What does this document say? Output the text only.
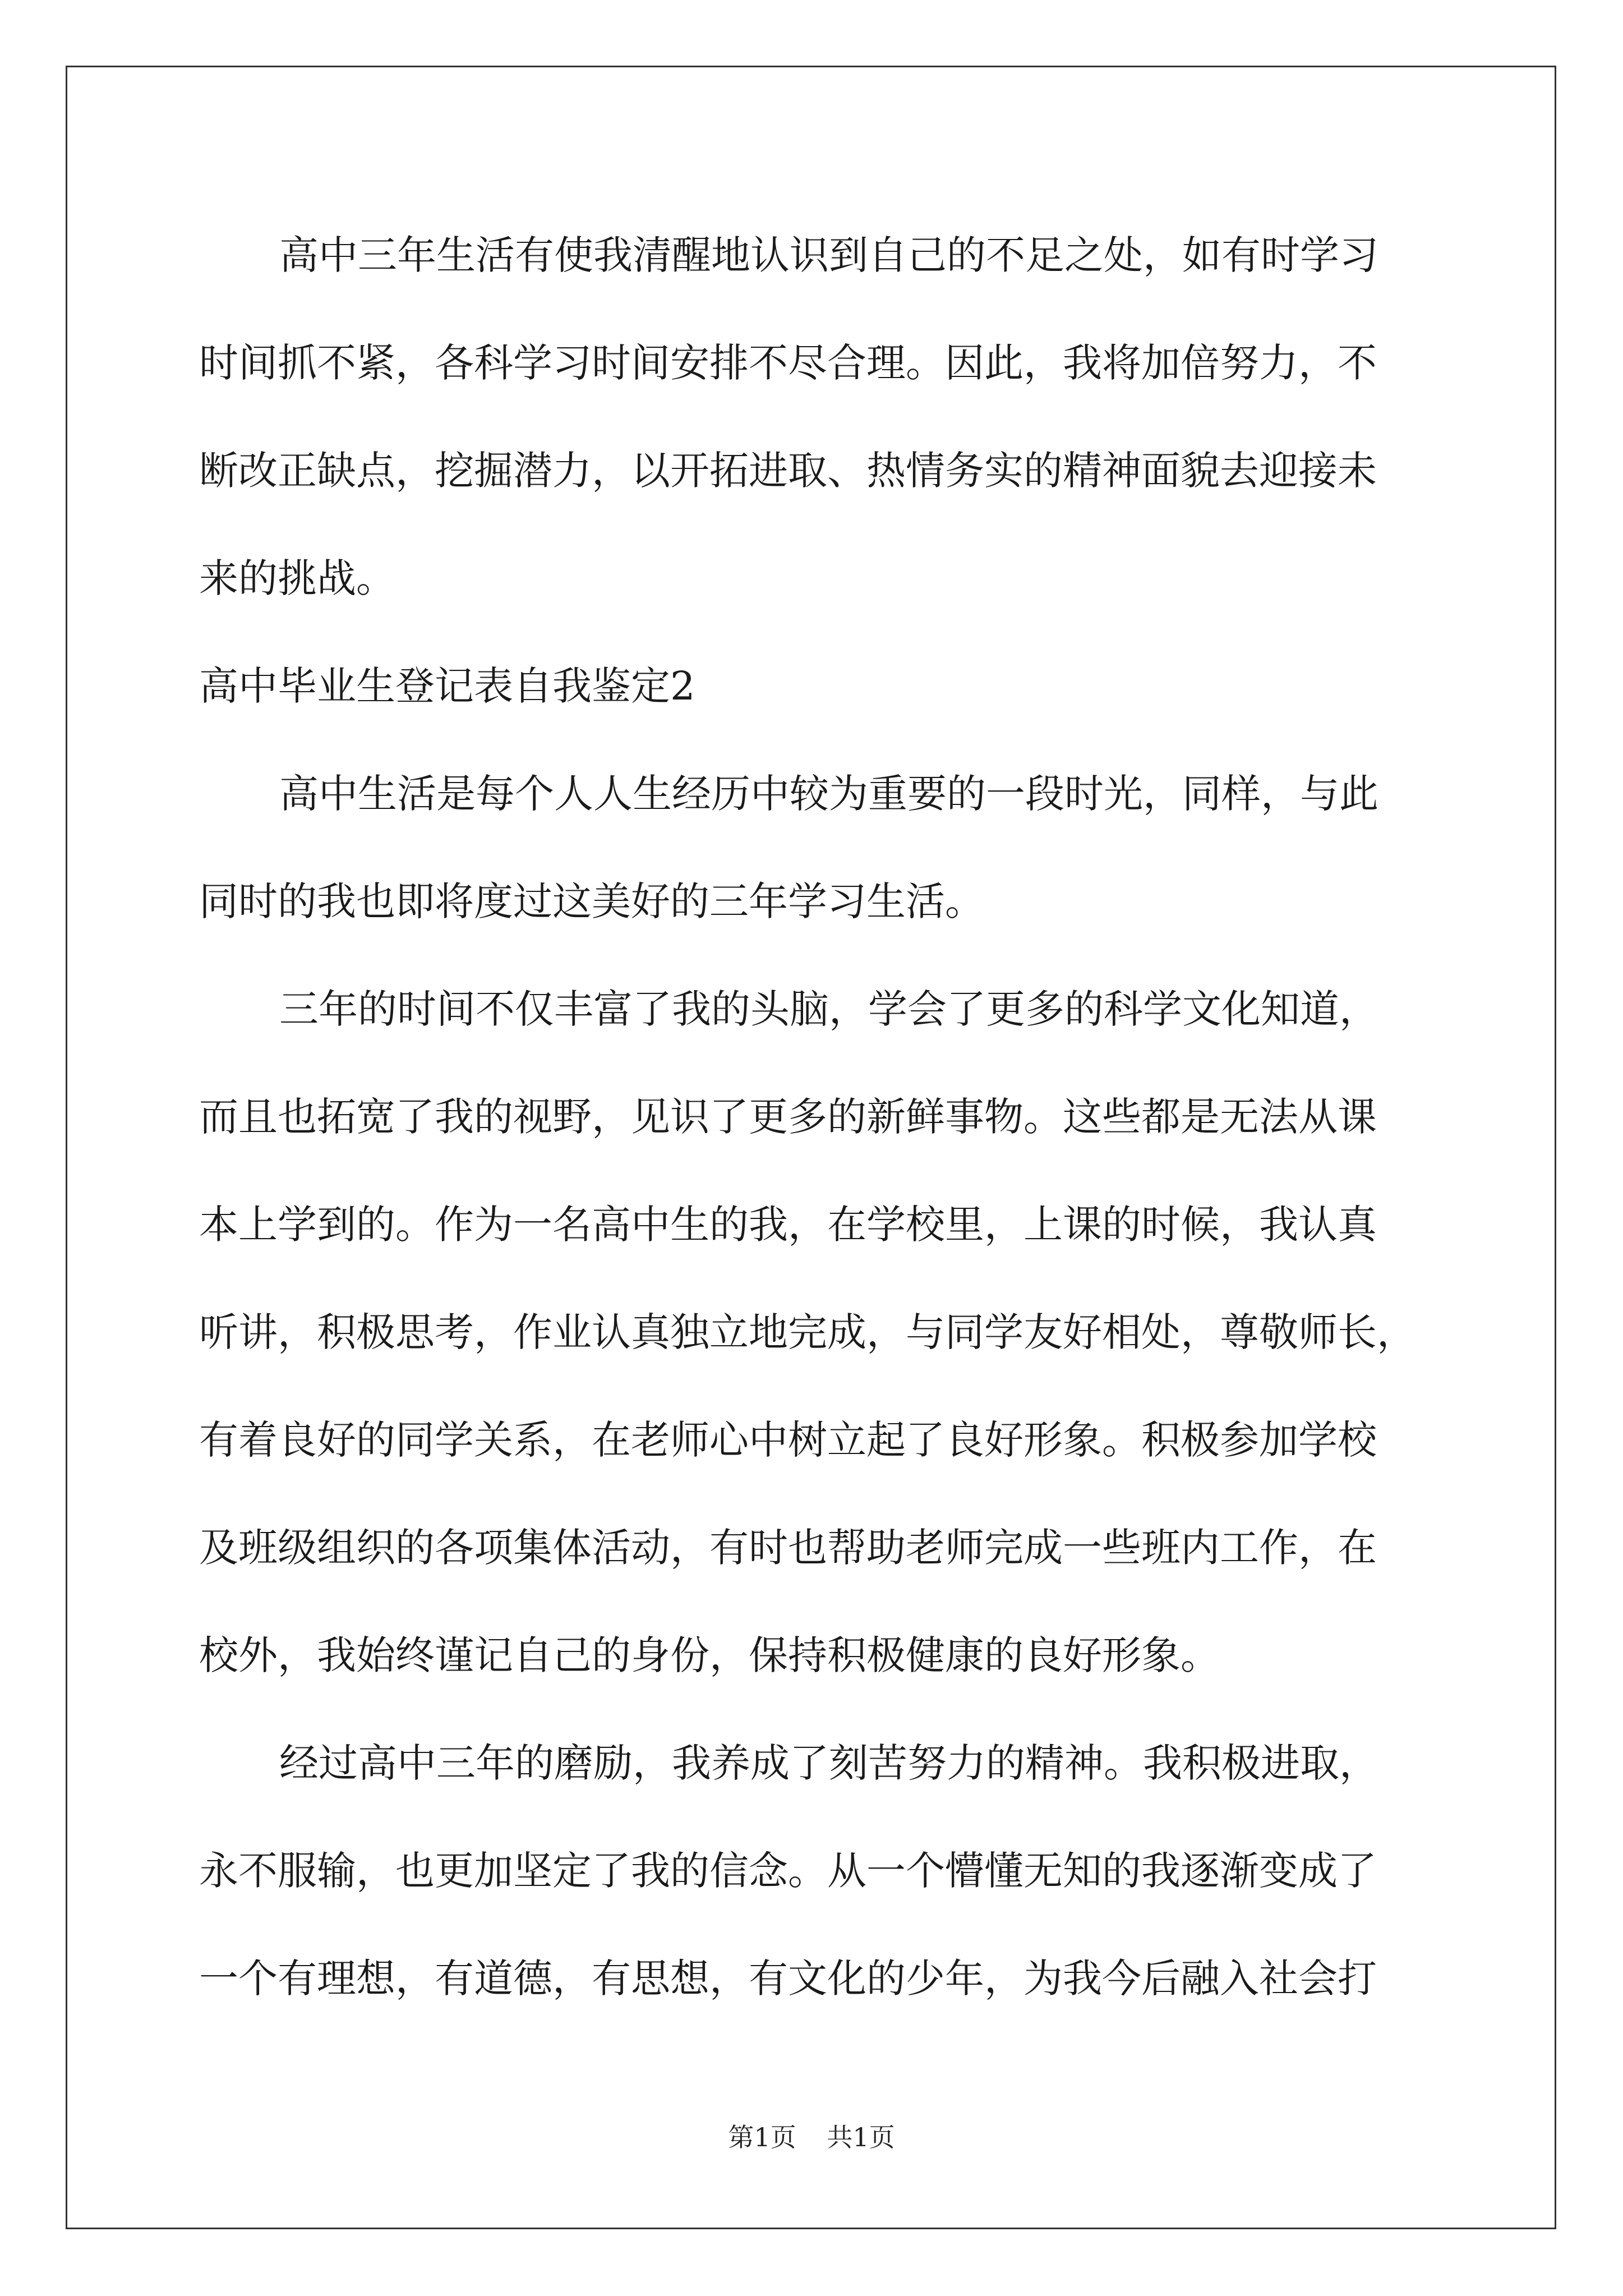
高中三年生活有使我清醒地认识到自己的不足之处，如有时学习
时间抓不紧，各科学习时间安排不尽合理。因此，我将加倍努力，不
断改正缺点，挖掘潜力，以开拓进取、热情务实的精神面貌去迎接未
来的挑战。
高中毕业生登记表自我鉴定2
高中生活是每个人人生经历中较为重要的一段时光，同样，与此
同时的我也即将度过这美好的三年学习生活。
三年的时间不仅丰富了我的头脑，学会了更多的科学文化知道，
而且也拓宽了我的视野，见识了更多的新鲜事物。这些都是无法从课
本上学到的。作为一名高中生的我，在学校里，上课的时候，我认真
听讲，积极思考，作业认真独立地完成，与同学友好相处，尊敬师长，
有着良好的同学关系，在老师心中树立起了良好形象。积极参加学校
及班级组织的各项集体活动，有时也帮助老师完成一些班内工作，在
校外，我始终谨记自己的身份，保持积极健康的良好形象。
经过高中三年的磨励，我养成了刻苦努力的精神。我积极进取，
永不服输，也更加坚定了我的信念。从一个懵懂无知的我逐渐变成了
一个有理想，有道德，有思想，有文化的少年，为我今后融入社会打
第1页 共1页
